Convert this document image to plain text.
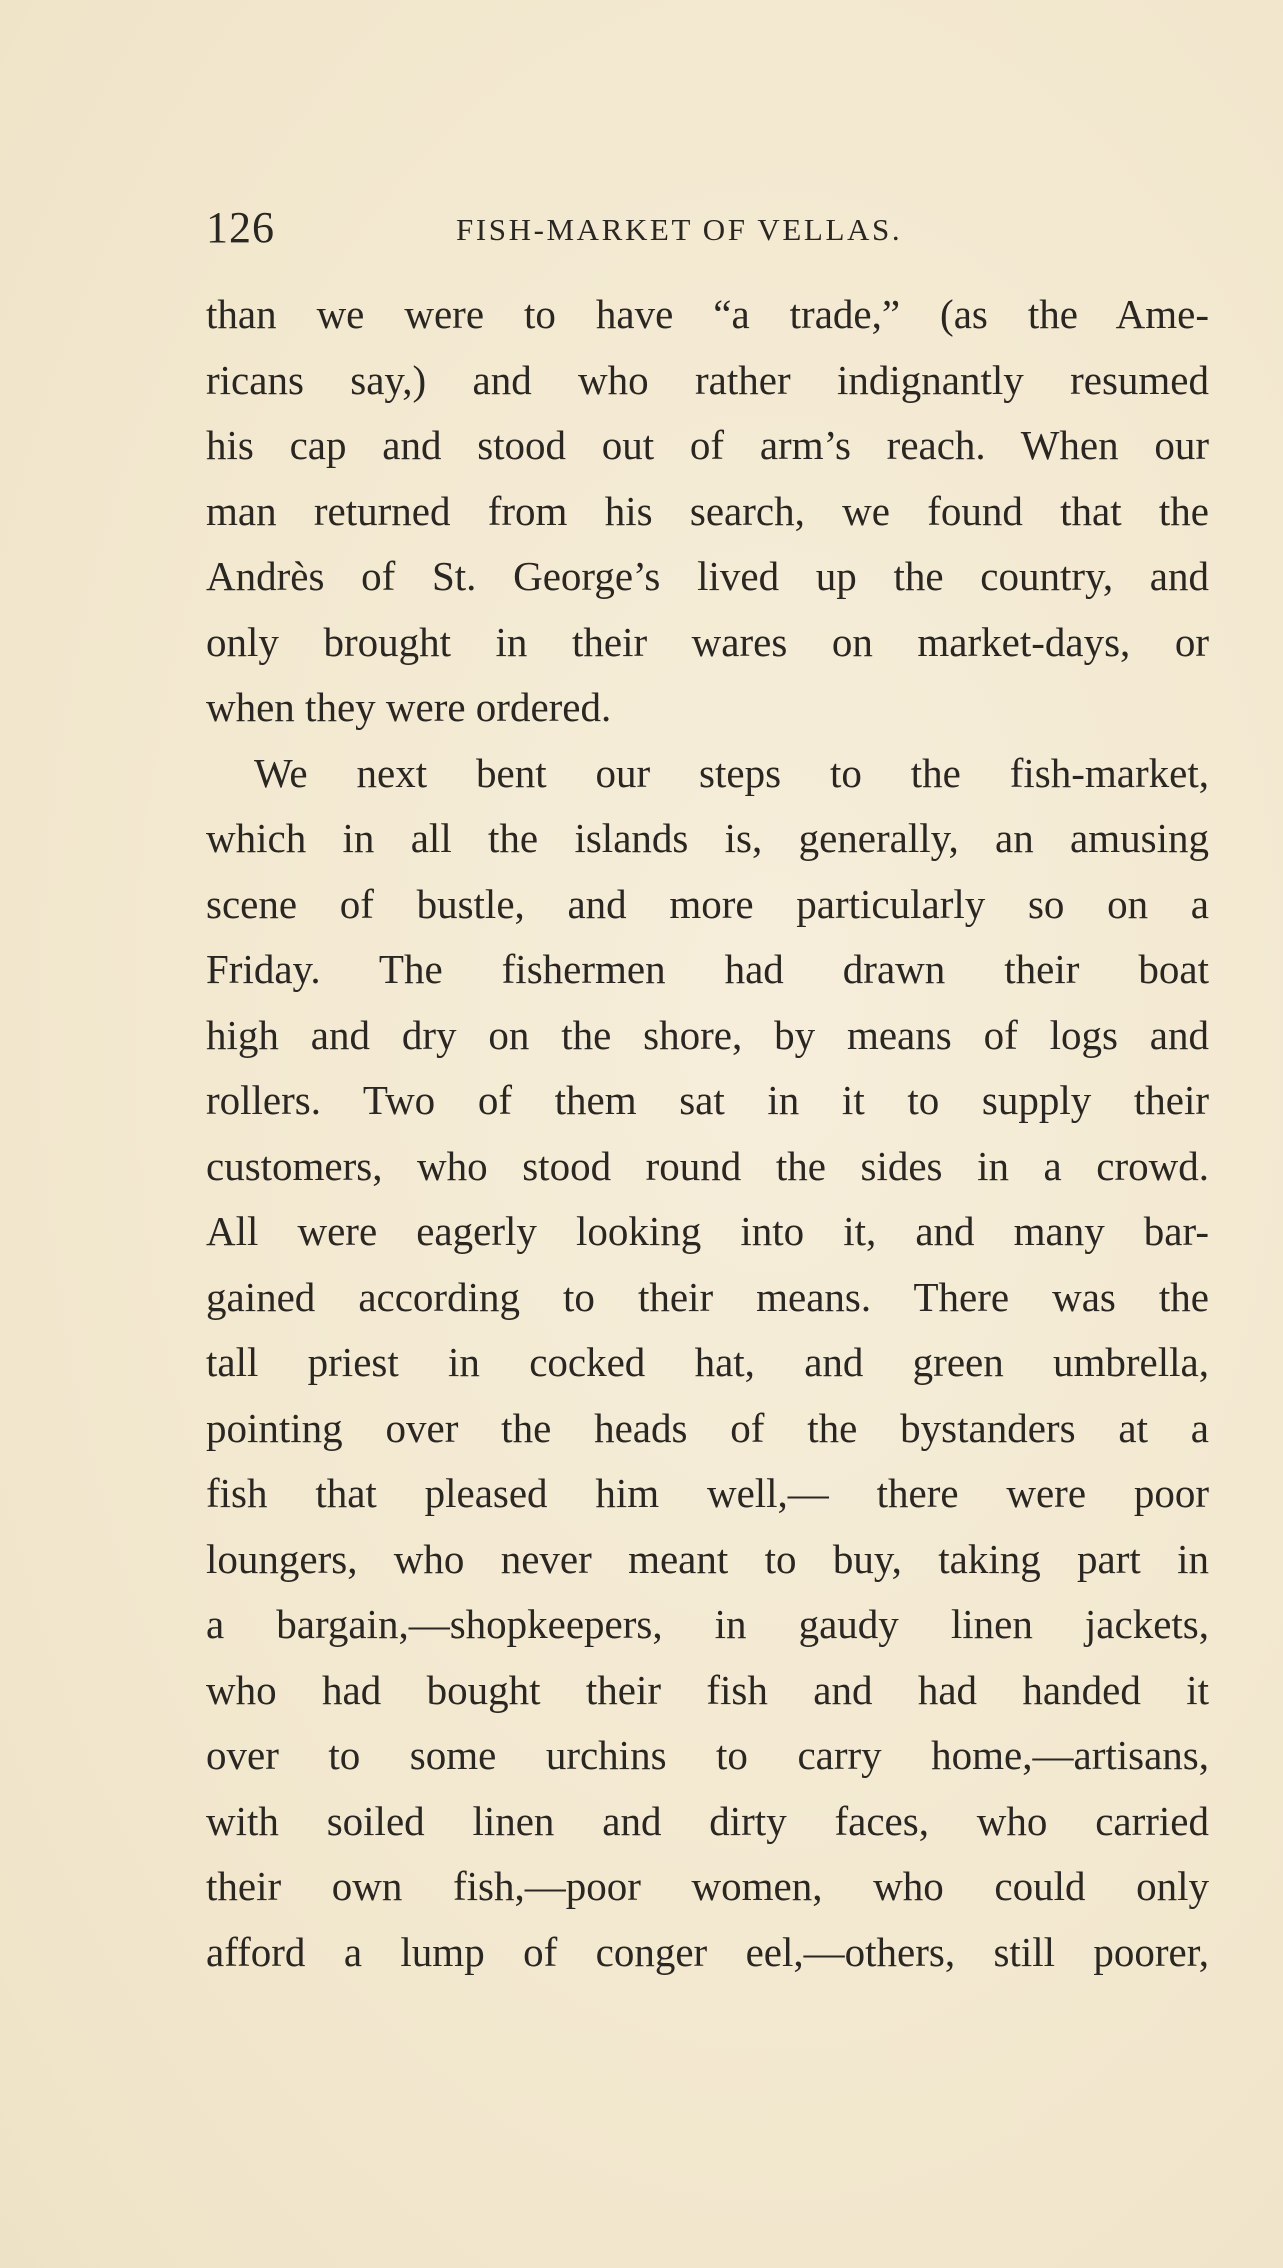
126	FISH-MARKET OF VELLAS.
than we were to have “a trade,” (as the Ame-
ricans say,) and who rather indignantly resumed
his cap and stood out of arm’s reach. When our
man returned from his search, we found that the
Andrès of St. George’s lived up the country, and
only brought in their wares on market-days, or
when they were ordered.
We next bent our steps to the fish-market,
which in all the islands is, generally, an amusing
scene of bustle, and more particularly so on a
Friday. The fishermen had drawn their boat
high and dry on the shore, by means of logs and
rollers. Two of them sat in it to supply their
customers, who stood round the sides in a crowd.
All were eagerly looking into it, and many bar-
gained according to their means. There was the
tall priest in cocked hat, and green umbrella,
pointing over the heads of the bystanders at a
fish that pleased him well,— there were poor
loungers, who never meant to buy, taking part in
a bargain,—shopkeepers, in gaudy linen jackets,
who had bought their fish and had handed it
over to some urchins to carry home,—artisans,
with soiled linen and dirty faces, who carried
their own fish,—poor women, who could only
afford a lump of conger eel,—others, still poorer,
